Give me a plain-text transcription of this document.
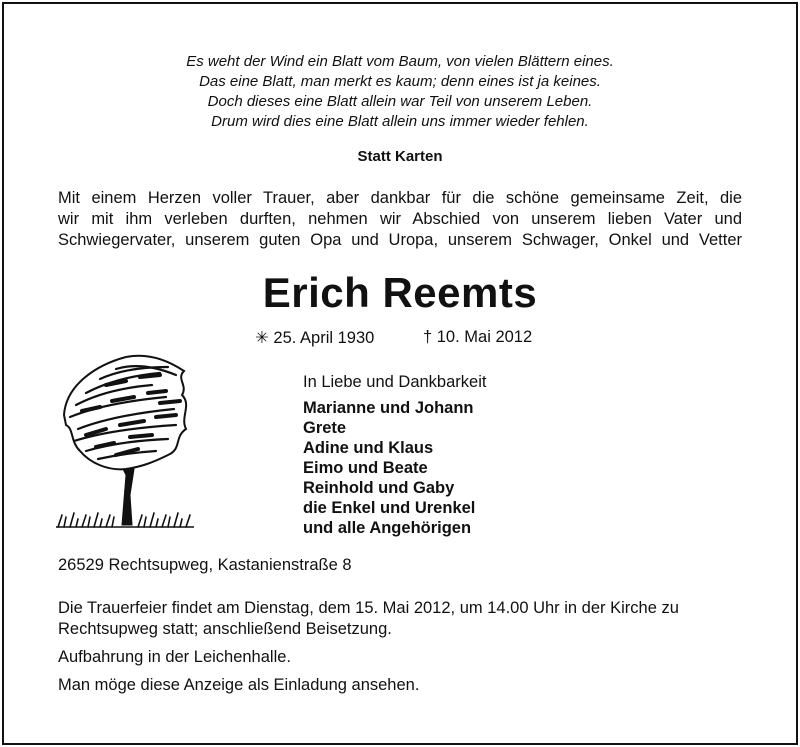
Es weht der Wind ein Blatt vom Baum, von vielen Blättern eines.
Das eine Blatt, man merkt es kaum; denn eines ist ja keines.
Doch dieses eine Blatt allein war Teil von unserem Leben.
Drum wird dies eine Blatt allein uns immer wieder fehlen.
Statt Karten
Mit einem Herzen voller Trauer, aber dankbar für die schöne gemeinsame Zeit, die
wir mit ihm verleben durften, nehmen wir Abschied von unserem lieben Vater und
Schwiegervater, unserem guten Opa und Uropa, unserem Schwager, Onkel und Vetter
Erich Reemts
✳ 25. April 1930	† 10. Mai 2012
In Liebe und Dankbarkeit
Marianne und Johann
Grete
Adine und Klaus
Eimo und Beate
Reinhold und Gaby
die Enkel und Urenkel
und alle Angehörigen
26529 Rechtsupweg, Kastanienstraße 8
Die Trauerfeier findet am Dienstag, dem 15. Mai 2012, um 14.00 Uhr in der Kirche zu Rechtsupweg statt; anschließend Beisetzung.
Aufbahrung in der Leichenhalle.
Man möge diese Anzeige als Einladung ansehen.
